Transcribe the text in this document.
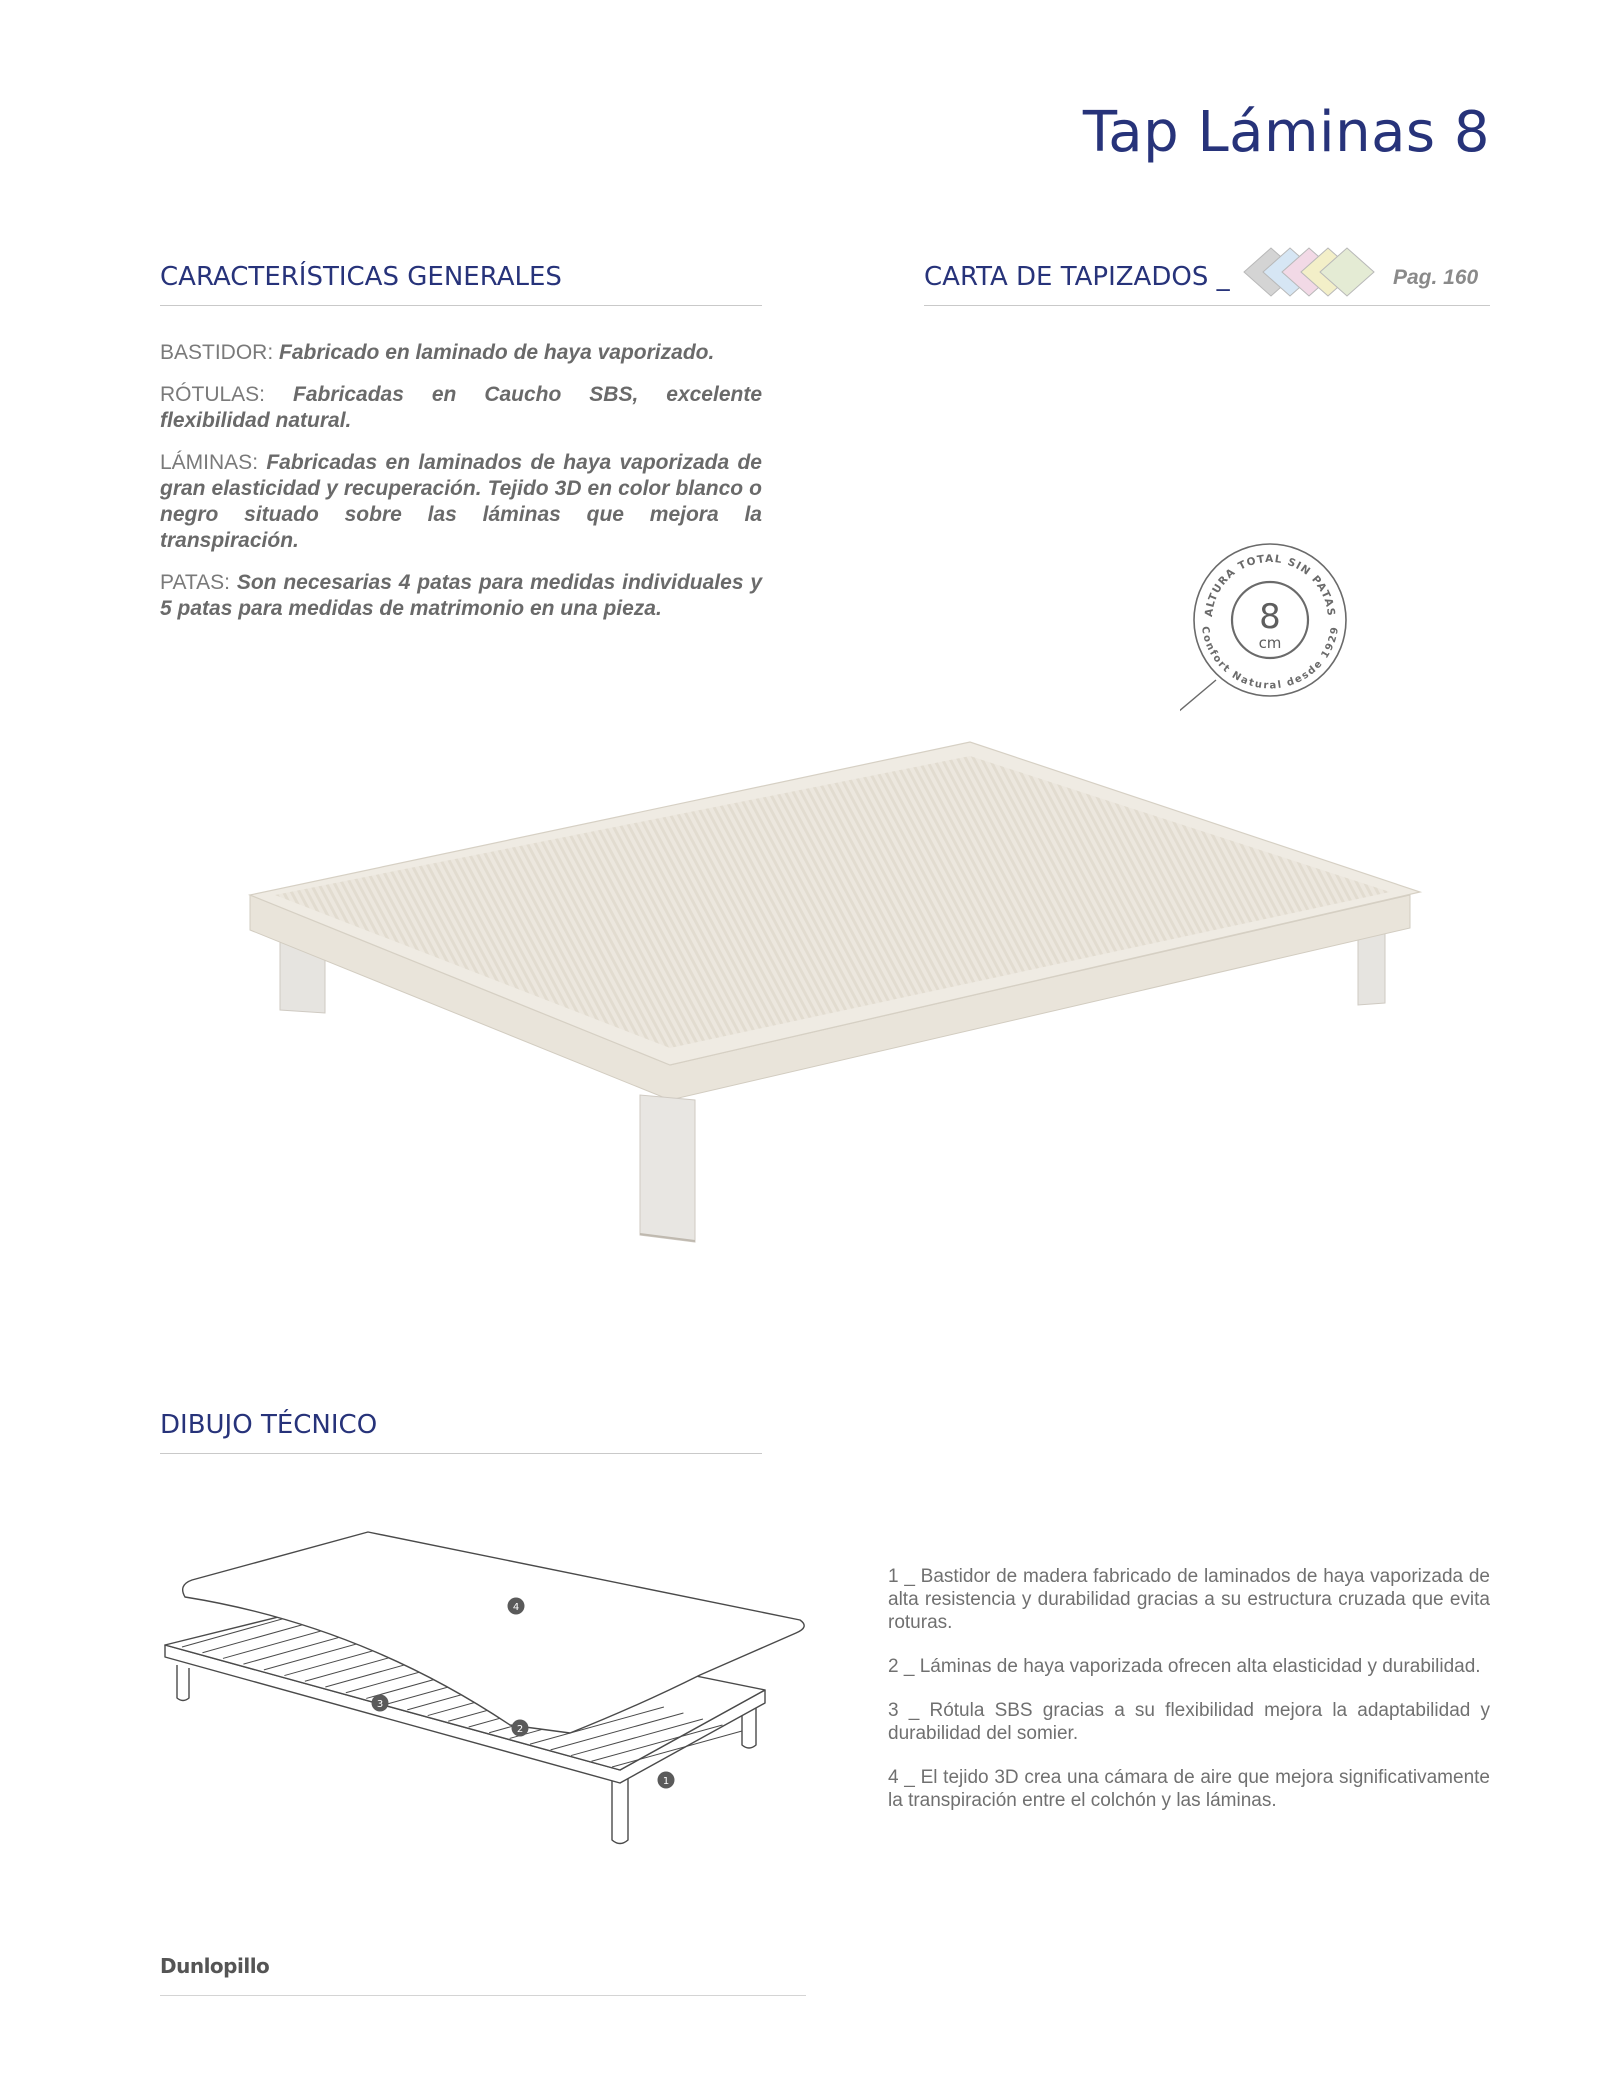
Tap Láminas 8
CARACTERÍSTICAS GENERALES

BASTIDOR: Fabricado en laminado de haya vaporizado.

RÓTULAS: Fabricadas en Caucho SBS, excelente flexibilidad natural.

LÁMINAS: Fabricadas en laminados de haya vaporizada de gran elasticidad y recuperación. Tejido 3D en color blanco o negro situado sobre las láminas que mejora la transpiración.

PATAS: Son necesarias 4 patas para medidas individuales y 5 patas para medidas de matrimonio en una pieza.

CARTA DE TAPIZADOS _	Pag. 160
ALTURA TOTAL SIN PATAS
Confort Natural desde 1929
8
cm
DIBUJO TÉCNICO
1
2
3
4

1 _ Bastidor de madera fabricado de laminados de haya vaporizada de alta resistencia y durabilidad gracias a su estructura cruzada que evita roturas.

2 _ Láminas de haya vaporizada ofrecen alta elasticidad y durabilidad.

3 _ Rótula SBS gracias a su flexibilidad mejora la adaptabilidad y durabilidad del somier.

4 _ El tejido 3D crea una cámara de aire que mejora significativamente la transpiración entre el colchón y las láminas.

Dunlopillo
